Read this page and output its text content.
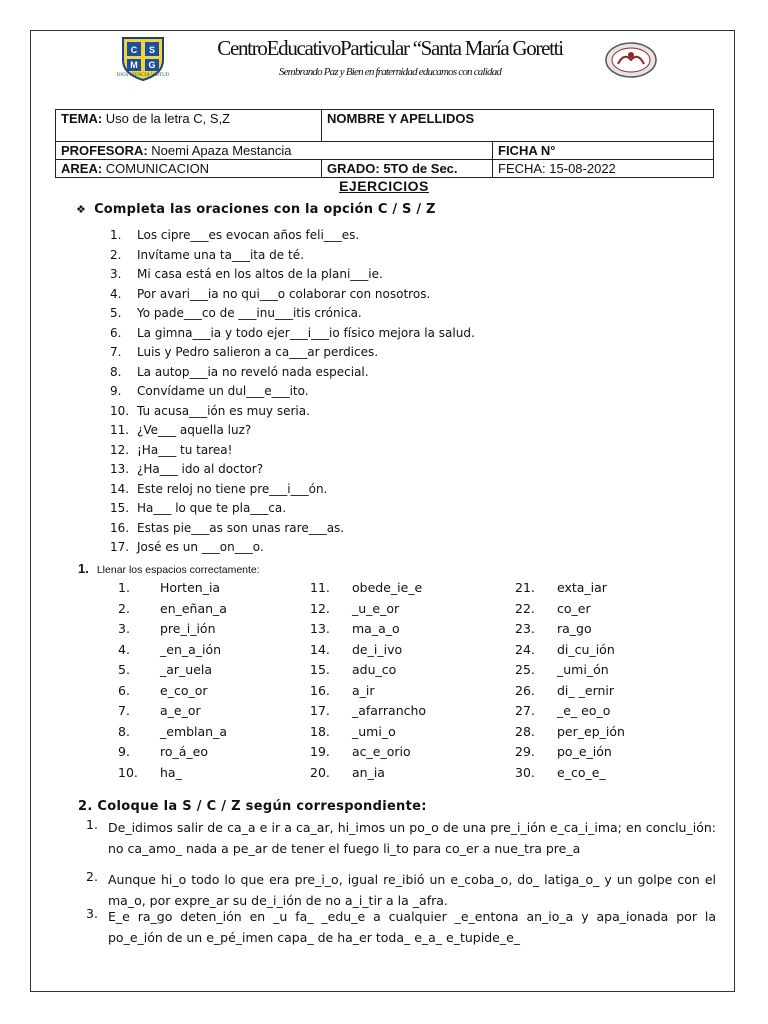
C S
M G
DIOS CIENCIA VIRTUD
CentroEducativoParticular “Santa María Goretti
Sembrando Paz y Bien en fraternidad educamos con calidad
TEMA: Uso de la letra C, S,Z	NOMBRE Y APELLIDOS	
PROFESORA: Noemi Apaza Mestancia		FICHA N°
AREA: COMUNICACION	GRADO: 5TO de Sec.	FECHA: 15-08-2022
EJERCICIOS
❖ Completa las oraciones con la opción C / S / Z
1.	Los cipre___es evocan años feli___es.
2.	Invítame una ta___ita de té.
3.	Mi casa está en los altos de la plani___ie.
4.	Por avari___ia no qui___o colaborar con nosotros.
5.	Yo pade___co de ___inu___itis crónica.
6.	La gimna___ia y todo ejer___i___io físico mejora la salud.
7.	Luis y Pedro salieron a ca___ar perdices.
8.	La autop___ia no reveló nada especial.
9.	Convídame un dul___e___ito.
10. Tu acusa___ión es muy seria.
11. ¿Ve___ aquella luz?
12. ¡Ha___ tu tarea!
13. ¿Ha___ ido al doctor?
14. Este reloj no tiene pre___i___ón.
15. Ha___ lo que te pla___ca.
16. Estas pie___as son unas rare___as.
17. José es un ___on___o.
1. Llenar los espacios correctamente:
1.	Horten_ia
2.	en_eñan_a
3.	pre_i_ión
4.	_en_a_ión
5.	_ar_uela
6.	e_co_or
7.	a_e_or
8.	_emblan_a
9.	ro_á_eo
10.	ha_
11.	obede_ie_e
12.	_u_e_or
13.	ma_a_o
14.	de_i_ivo
15.	adu_co
16.	a_ir
17.	_afarrancho
18.	_umi_o
19.	ac_e_orio
20.	an_ia
21.	exta_iar
22.	co_er
23.	ra_go
24.	di_cu_ión
25.	_umi_ón
26.	di_ _ernir
27.	_e_ eo_o
28.	per_ep_ión
29.	po_e_ión
30.	e_co_e_
2. Coloque la S / C / Z según correspondiente:
1. De_idimos salir de ca_a e ir a ca_ar, hi_imos un po_o de una pre_i_ión e_ca_i_ima; en conclu_ión: no ca_amo_ nada a pe_ar de tener el fuego li_to para co_er a nue_tra pre_a
2. Aunque hi_o todo lo que era pre_i_o, igual re_ibió un e_coba_o, do_ latiga_o_ y un golpe con el ma_o, por expre_ar su de_i_ión de no a_i_tir a la _afra.
3. E_e ra_go deten_ión en _u fa_ _edu_e a cualquier _e_entona an_io_a y apa_ionada por la po_e_ión de un e_pé_imen capa_ de ha_er toda_ e_a_ e_tupide_e_
